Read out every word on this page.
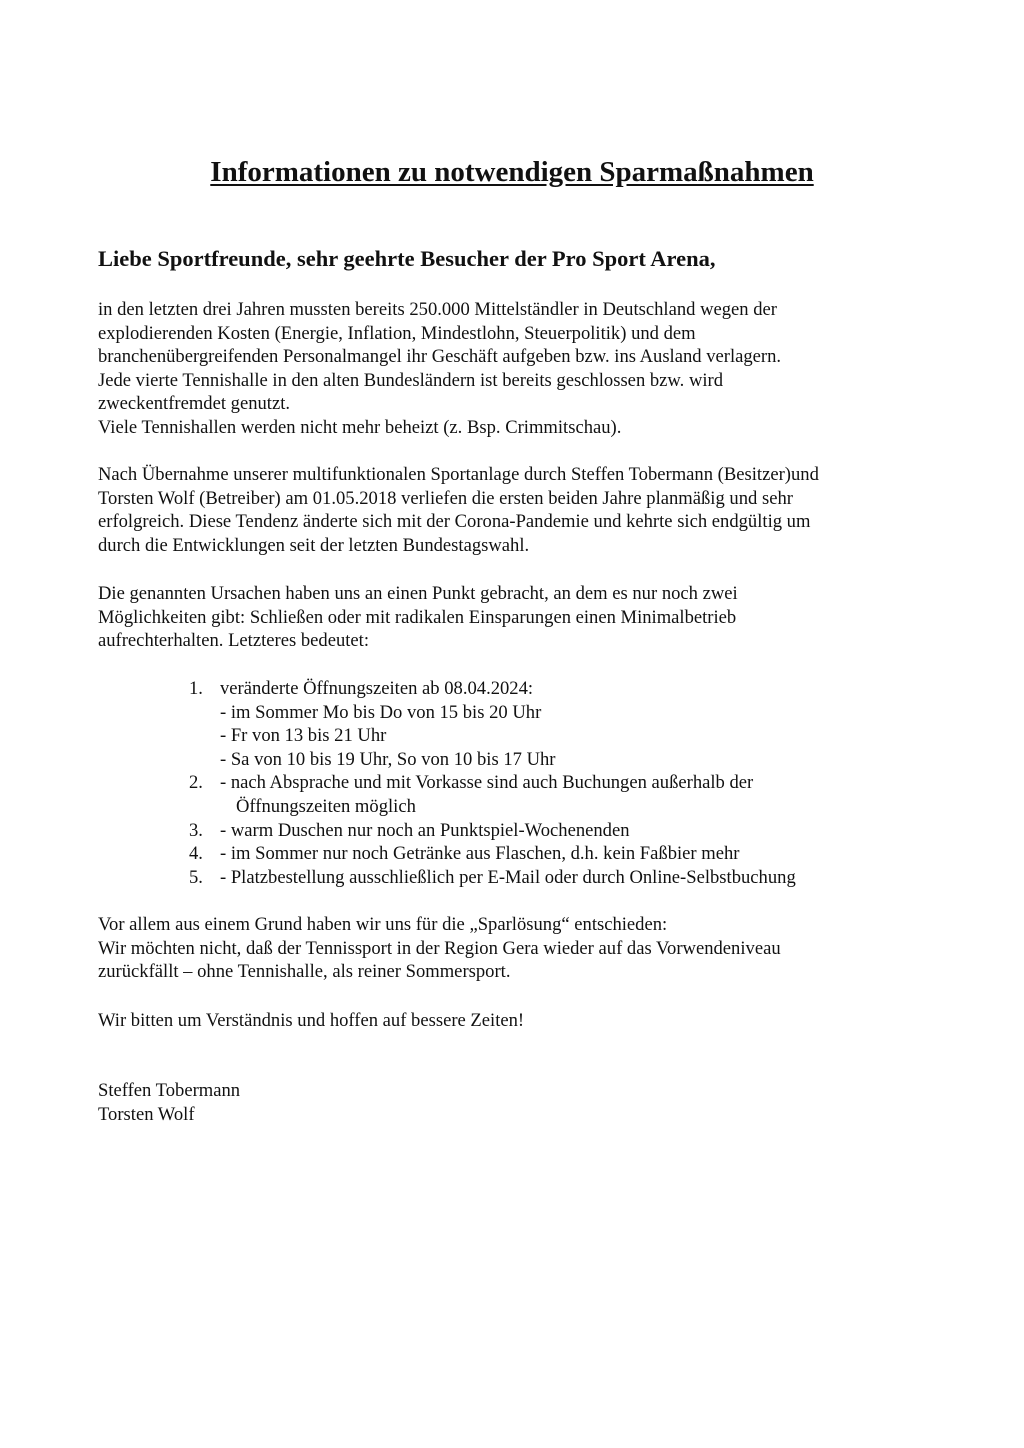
Informationen zu notwendigen Sparmaßnahmen
Liebe Sportfreunde, sehr geehrte Besucher der Pro Sport Arena,
in den letzten drei Jahren mussten bereits 250.000 Mittelständler in Deutschland wegen der
explodierenden Kosten (Energie, Inflation, Mindestlohn, Steuerpolitik) und dem
branchenübergreifenden Personalmangel ihr Geschäft aufgeben bzw. ins Ausland verlagern.
Jede vierte Tennishalle in den alten Bundesländern ist bereits geschlossen bzw. wird
zweckentfremdet genutzt.
Viele Tennishallen werden nicht mehr beheizt (z. Bsp. Crimmitschau).
Nach Übernahme unserer multifunktionalen Sportanlage durch Steffen Tobermann (Besitzer)und
Torsten Wolf (Betreiber) am 01.05.2018 verliefen die ersten beiden Jahre planmäßig und sehr
erfolgreich. Diese Tendenz änderte sich mit der Corona-Pandemie und kehrte sich endgültig um
durch die Entwicklungen seit der letzten Bundestagswahl.
Die genannten Ursachen haben uns an einen Punkt gebracht, an dem es nur noch zwei
Möglichkeiten gibt: Schließen oder mit radikalen Einsparungen einen Minimalbetrieb
aufrechterhalten. Letzteres bedeutet:
1. veränderte Öffnungszeiten ab 08.04.2024:
- im Sommer Mo bis Do von 15 bis 20 Uhr
- Fr von 13 bis 21 Uhr
- Sa von 10 bis 19 Uhr, So von 10 bis 17 Uhr
2. - nach Absprache und mit Vorkasse sind auch Buchungen außerhalb der
Öffnungszeiten möglich
3. - warm Duschen nur noch an Punktspiel-Wochenenden
4. - im Sommer nur noch Getränke aus Flaschen, d.h. kein Faßbier mehr
5. - Platzbestellung ausschließlich per E-Mail oder durch Online-Selbstbuchung
Vor allem aus einem Grund haben wir uns für die „Sparlösung“ entschieden:
Wir möchten nicht, daß der Tennissport in der Region Gera wieder auf das Vorwendeniveau
zurückfällt – ohne Tennishalle, als reiner Sommersport.
Wir bitten um Verständnis und hoffen auf bessere Zeiten!
Steffen Tobermann
Torsten Wolf
